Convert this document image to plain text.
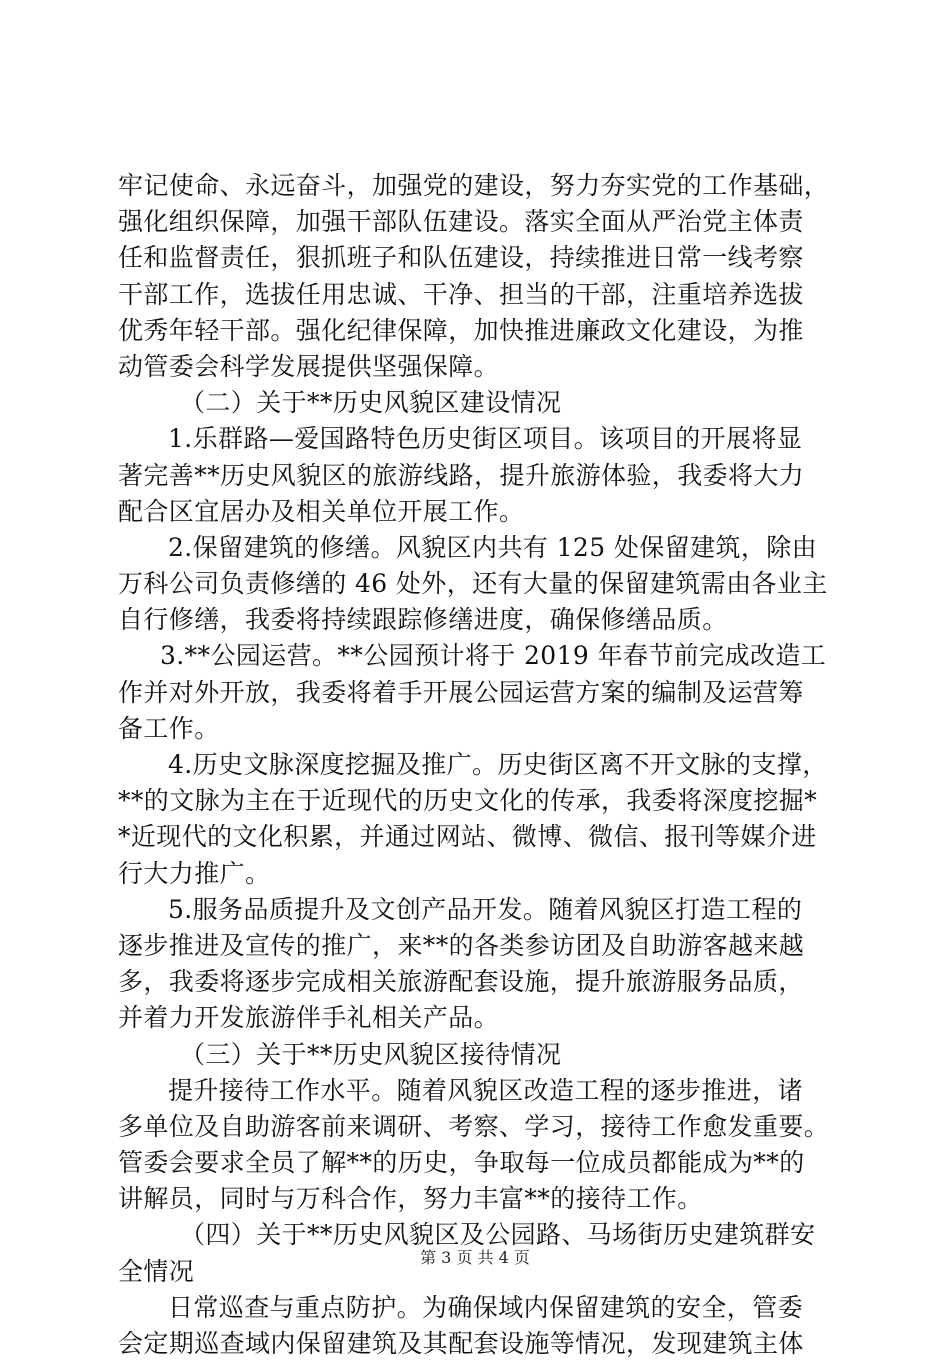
牢记使命、永远奋斗，加强党的建设，努力夯实党的工作基础，
强化组织保障，加强干部队伍建设。落实全面从严治党主体责
任和监督责任，狠抓班子和队伍建设，持续推进日常一线考察
干部工作，选拔任用忠诚、干净、担当的干部，注重培养选拔
优秀年轻干部。强化纪律保障，加快推进廉政文化建设，为推
动管委会科学发展提供坚强保障。
（二）关于**历史风貌区建设情况
1.乐群路—爱国路特色历史街区项目。该项目的开展将显
著完善**历史风貌区的旅游线路，提升旅游体验，我委将大力
配合区宜居办及相关单位开展工作。
2.保留建筑的修缮。风貌区内共有 125 处保留建筑，除由
万科公司负责修缮的 46 处外，还有大量的保留建筑需由各业主
自行修缮，我委将持续跟踪修缮进度，确保修缮品质。
3.**公园运营。**公园预计将于 2019 年春节前完成改造工
作并对外开放，我委将着手开展公园运营方案的编制及运营筹
备工作。
4.历史文脉深度挖掘及推广。历史街区离不开文脉的支撑，
**的文脉为主在于近现代的历史文化的传承，我委将深度挖掘*
*近现代的文化积累，并通过网站、微博、微信、报刊等媒介进
行大力推广。
5.服务品质提升及文创产品开发。随着风貌区打造工程的
逐步推进及宣传的推广，来**的各类参访团及自助游客越来越
多，我委将逐步完成相关旅游配套设施，提升旅游服务品质，
并着力开发旅游伴手礼相关产品。
（三）关于**历史风貌区接待情况
提升接待工作水平。随着风貌区改造工程的逐步推进，诸
多单位及自助游客前来调研、考察、学习，接待工作愈发重要。
管委会要求全员了解**的历史，争取每一位成员都能成为**的
讲解员，同时与万科合作，努力丰富**的接待工作。
（四）关于**历史风貌区及公园路、马场街历史建筑群安
全情况
日常巡查与重点防护。为确保域内保留建筑的安全，管委
会定期巡查域内保留建筑及其配套设施等情况，发现建筑主体
第 3 页 共 4 页
